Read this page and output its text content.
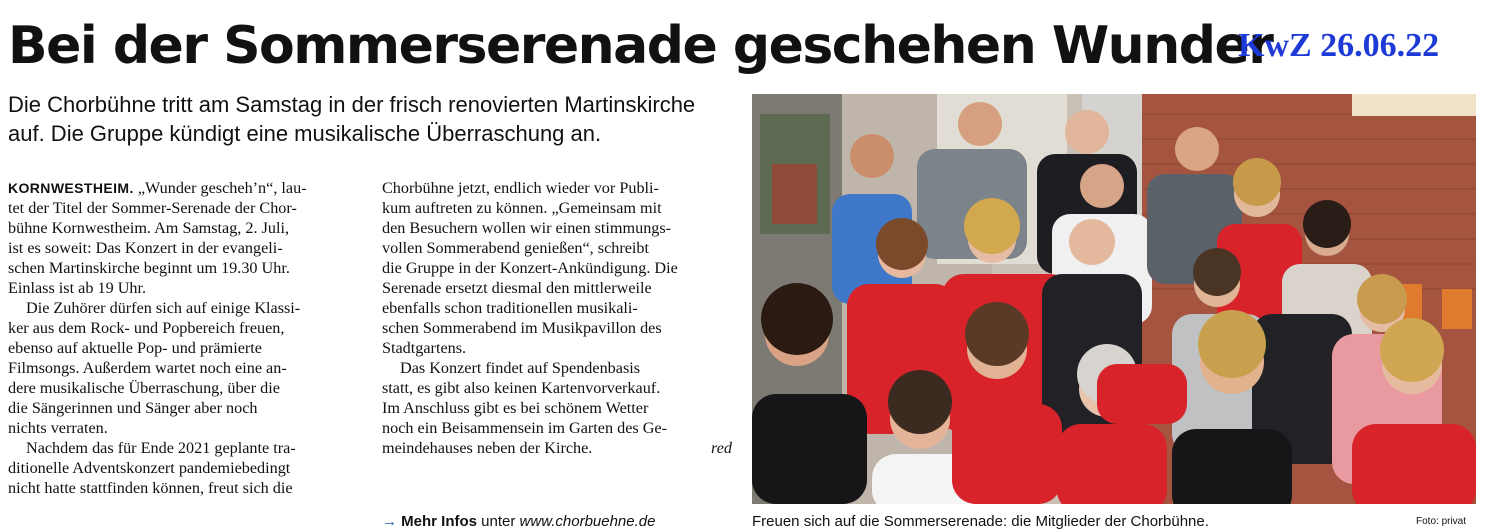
Bei der Sommerserenade geschehen Wunder
KwZ 26.06.22
Die Chorbühne tritt am Samstag in der frisch renovierten Martinskirche
auf. Die Gruppe kündigt eine musikalische Überraschung an.
KORNWESTHEIM. „Wunder gescheh’n“, lau-
tet der Titel der Sommer-Serenade der Chor-
bühne Kornwestheim. Am Samstag, 2. Juli,
ist es soweit: Das Konzert in der evangeli-
schen Martinskirche beginnt um 19.30 Uhr.
Einlass ist ab 19 Uhr.
Die Zuhörer dürfen sich auf einige Klassi-
ker aus dem Rock- und Popbereich freuen,
ebenso auf aktuelle Pop- und prämierte
Filmsongs. Außerdem wartet noch eine an-
dere musikalische Überraschung, über die
die Sängerinnen und Sänger aber noch
nichts verraten.
Nachdem das für Ende 2021 geplante tra-
ditionelle Adventskonzert pandemiebedingt
nicht hatte stattfinden können, freut sich die
Chorbühne jetzt, endlich wieder vor Publi-
kum auftreten zu können. „Gemeinsam mit
den Besuchern wollen wir einen stimmungs-
vollen Sommerabend genießen“, schreibt
die Gruppe in der Konzert-Ankündigung. Die
Serenade ersetzt diesmal den mittlerweile
ebenfalls schon traditionellen musikali-
schen Sommerabend im Musikpavillon des
Stadtgartens.
Das Konzert findet auf Spendenbasis
statt, es gibt also keinen Kartenvorverkauf.
Im Anschluss gibt es bei schönem Wetter
noch ein Beisammensein im Garten des Ge-
meindehauses neben der Kirche.	red
→ Mehr Infos unter www.chorbuehne.de	Freuen sich auf die Sommerserenade: die Mitglieder der Chorbühne.	Foto: privat
